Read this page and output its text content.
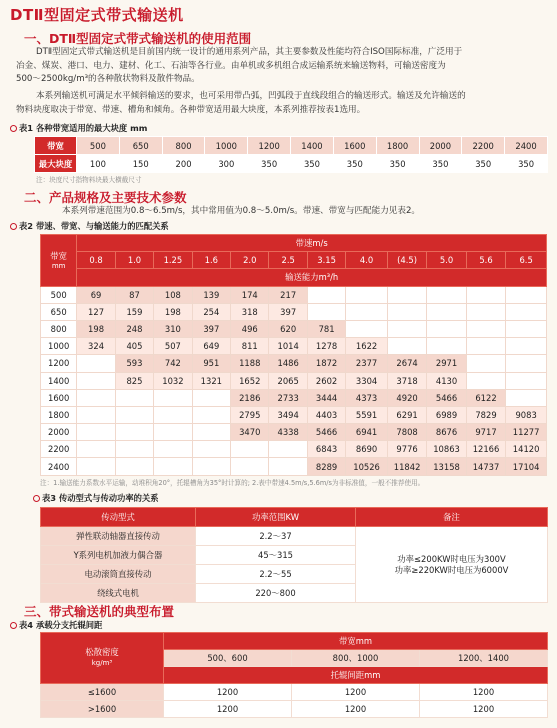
DTⅡ型固定式带式输送机
一、DTⅡ型固定式带式输送机的使用范围
DTⅡ型固定式带式输送机是目前国内统一设计的通用系列产品，其主要参数及性能均符合ISO国际标准，广泛用于
冶金、煤炭、港口、电力、建材、化工、石油等各行业。由单机或多机组合成运输系统来输送物料，可输送密度为
500～2500kg/m³的各种散状物料及散件物品。
本系列输送机可满足水平倾斜输送的要求，也可采用带凸弧，凹弧段于直线段组合的输送形式。输送及允许输送的
物料块度取决于带宽、带速、槽角和倾角。各种带宽适用最大块度，本系列推荐按表1选用。
表1 各种带宽适用的最大块度 mm
带宽	500	650	800	1000	1200	1400	1600	1800	2000	2200	2400
最大块度	100	150	200	300	350	350	350	350	350	350	350
注：块度尺寸指物料块最大横截尺寸
二、产品规格及主要技术参数
本系列带速范围为0.8～6.5m/s，其中常用值为0.8～5.0m/s。带速、带宽与匹配能力见表2。
表2 带速、带宽、与输送能力的匹配关系
带宽
mm	带速m/s											
	0.8	1.0	1.25	1.6	2.0	2.5	3.15	4.0	(4.5)	5.0	5.6	6.5
	输送能力m³/h											
500	69	87	108	139	174	217						
650	127	159	198	254	318	397						
800	198	248	310	397	496	620	781					
1000	324	405	507	649	811	1014	1278	1622				
1200		593	742	951	1188	1486	1872	2377	2674	2971		
1400		825	1032	1321	1652	2065	2602	3304	3718	4130		
1600					2186	2733	3444	4373	4920	5466	6122	
1800					2795	3494	4403	5591	6291	6989	7829	9083
2000					3470	4338	5466	6941	7808	8676	9717	11277
2200							6843	8690	9776	10863	12166	14120
2400							8289	10526	11842	13158	14737	17104
注：1.输送能力系数水平运输，动堆积角20°，托辊槽角为35°时计算的; 2.表中带速4.5m/s,5.6m/s为非标准值，一般不推荐使用。
表3 传动型式与传动功率的关系
传动型式	功率范围KW	备注
弹性联动轴器直接传动	2.2～37	功率≤200KW时电压为300V
功率≥220KW时电压为6000V

Y系列电机加液力偶合器	45～315	
电动滚筒直接传动	2.2～55	
绕线式电机	220～800	
三、带式输送机的典型布置
表4 承载分支托辊间距
松散密度
kg/m³	带宽mm		
	500、600	800、1000	1200、1400
	托辊间距mm		
≤1600	1200	1200	1200
>1600	1200	1200	1200
